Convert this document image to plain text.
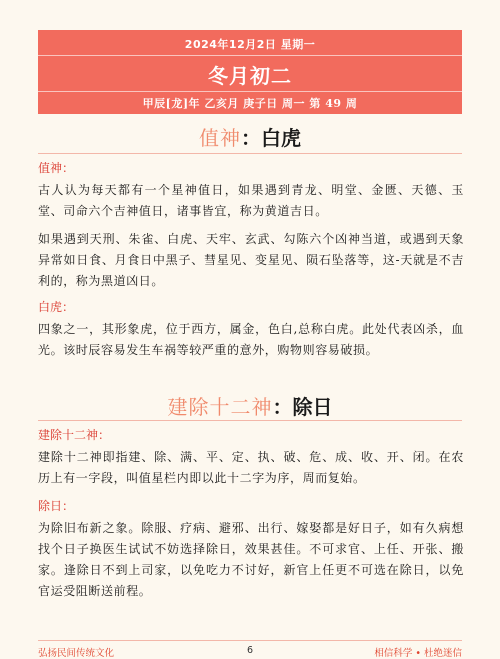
2024年12月2日 星期一
冬月初二
甲辰[龙]年 乙亥月 庚子日 周一 第 49 周
值神：白虎
值神：

古人认为每天都有一个星神值日，如果遇到青龙、明堂、金匮、天德、玉堂、司命六个吉神值日，诸事皆宜，称为黄道吉日。

如果遇到天刑、朱雀、白虎、天牢、玄武、勾陈六个凶神当道，或遇到天象异常如日食、月食日中黑子、彗星见、变星见、陨石坠落等，这-天就是不吉利的，称为黑道凶日。

白虎：

四象之一，其形象虎，位于西方，属金，色白,总称白虎。此处代表凶杀，血光。该时辰容易发生车祸等较严重的意外，购物则容易破损。

建除十二神：除日
建除十二神：

建除十二神即指建、除、满、平、定、执、破、危、成、收、开、闭。在农历上有一字段，叫值星栏内即以此十二字为序，周而复始。

除日：

为除旧布新之象。除服、疗病、避邪、出行、嫁娶都是好日子，如有久病想找个日子换医生试试不妨选择除日，效果甚佳。不可求官、上任、开张、搬家。逢除日不到上司家，以免吃力不讨好，新官上任更不可选在除日，以免官运受阻断送前程。

弘扬民间传统文化	6	相信科学 • 杜绝迷信
